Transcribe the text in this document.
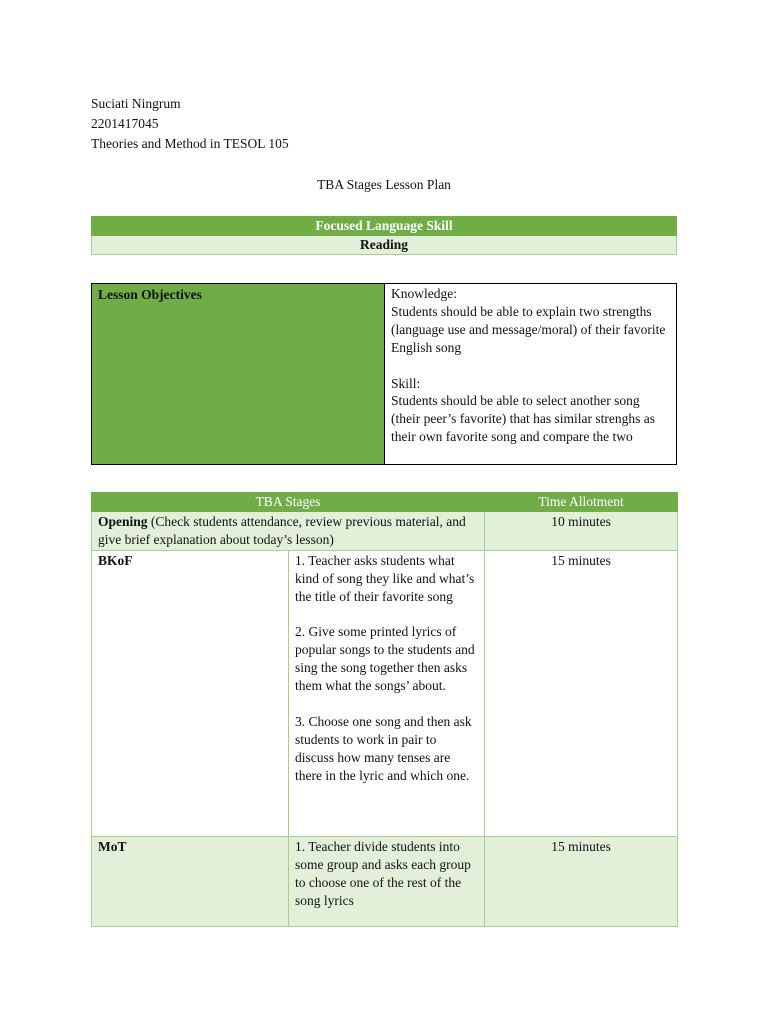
Suciati Ningrum
2201417045
Theories and Method in TESOL 105
TBA Stages Lesson Plan
Focused Language Skill
Reading
Lesson Objectives	Knowledge:
Students should be able to explain two strengths (language use and message/moral) of their favorite English song
Skill:
Students should be able to select another song (their peer’s favorite) that has similar strenghs as their own favorite song and compare the two
TBA Stages		Time Allotment
Opening (Check students attendance, review previous material, and give brief explanation about today’s lesson)		10 minutes
BKoF	1. Teacher asks students what kind of song they like and what’s the title of their favorite song

2. Give some printed lyrics of popular songs to the students and sing the song together then asks them what the songs’ about.

3. Choose one song and then ask students to work in pair to discuss how many tenses are there in the lyric and which one.	15 minutes
MoT	1. Teacher divide students into some group and asks each group to choose one of the rest of the song lyrics	15 minutes
